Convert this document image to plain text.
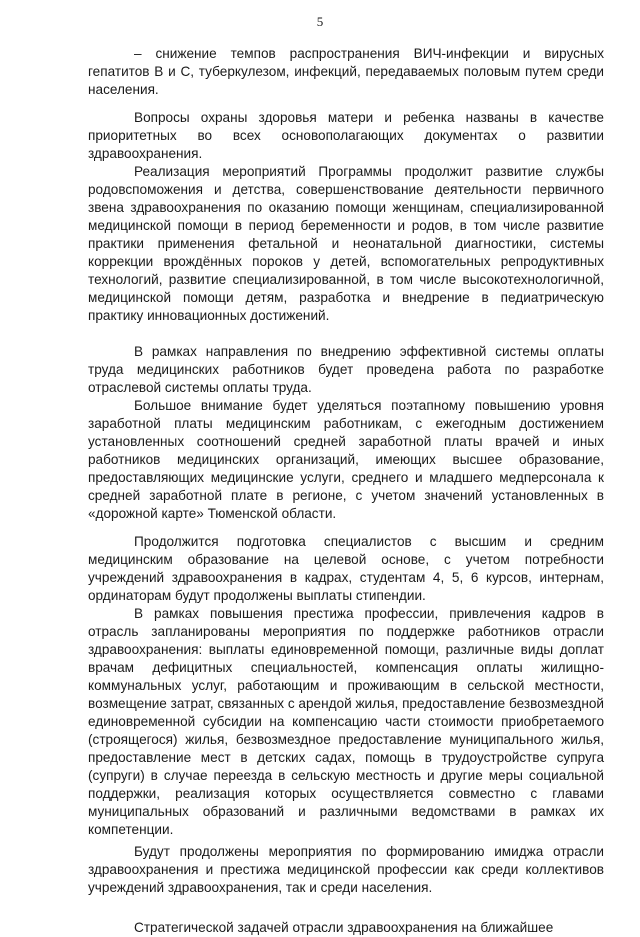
5

– снижение темпов распространения ВИЧ-инфекции и вирусных гепатитов В и С, туберкулезом, инфекций, передаваемых половым путем среди населения.

Вопросы охраны здоровья матери и ребенка названы в качестве приоритетных во всех основополагающих документах о развитии здравоохранения.

Реализация мероприятий Программы продолжит развитие службы родовспоможения и детства, совершенствование деятельности первичного звена здравоохранения по оказанию помощи женщинам, специализированной медицинской помощи в период беременности и родов, в том числе развитие практики применения фетальной и неонатальной диагностики, системы коррекции врождённых пороков у детей, вспомогательных репродуктивных технологий, развитие специализированной, в том числе высокотехнологичной, медицинской помощи детям, разработка и внедрение в педиатрическую практику инновационных достижений.

В рамках направления по внедрению эффективной системы оплаты труда медицинских работников будет проведена работа по разработке отраслевой системы оплаты труда.

Большое внимание будет уделяться поэтапному повышению уровня заработной платы медицинским работникам, с ежегодным достижением установленных соотношений средней заработной платы врачей и иных работников медицинских организаций, имеющих высшее образование, предоставляющих медицинские услуги, среднего и младшего медперсонала к средней заработной плате в регионе, с учетом значений установленных в «дорожной карте» Тюменской области.

Продолжится подготовка специалистов с высшим и средним медицинским образование на целевой основе, с учетом потребности учреждений здравоохранения в кадрах, студентам 4, 5, 6 курсов, интернам, ординаторам будут продолжены выплаты стипендии.

В рамках повышения престижа профессии, привлечения кадров в отрасль запланированы мероприятия по поддержке работников отрасли здравоохранения: выплаты единовременной помощи, различные виды доплат врачам дефицитных специальностей, компенсация оплаты жилищно-коммунальных услуг, работающим и проживающим в сельской местности, возмещение затрат, связанных с арендой жилья, предоставление безвозмездной единовременной субсидии на компенсацию части стоимости приобретаемого (строящегося) жилья, безвозмездное предоставление муниципального жилья, предоставление мест в детских садах, помощь в трудоустройстве супруга (супруги) в случае переезда в сельскую местность и другие меры социальной поддержки, реализация которых осуществляется совместно с главами муниципальных образований и различными ведомствами в рамках их компетенции.

Будут продолжены мероприятия по формированию имиджа отрасли здравоохранения и престижа медицинской профессии как среди коллективов учреждений здравоохранения, так и среди населения.

Стратегической задачей отрасли здравоохранения на ближайшее
